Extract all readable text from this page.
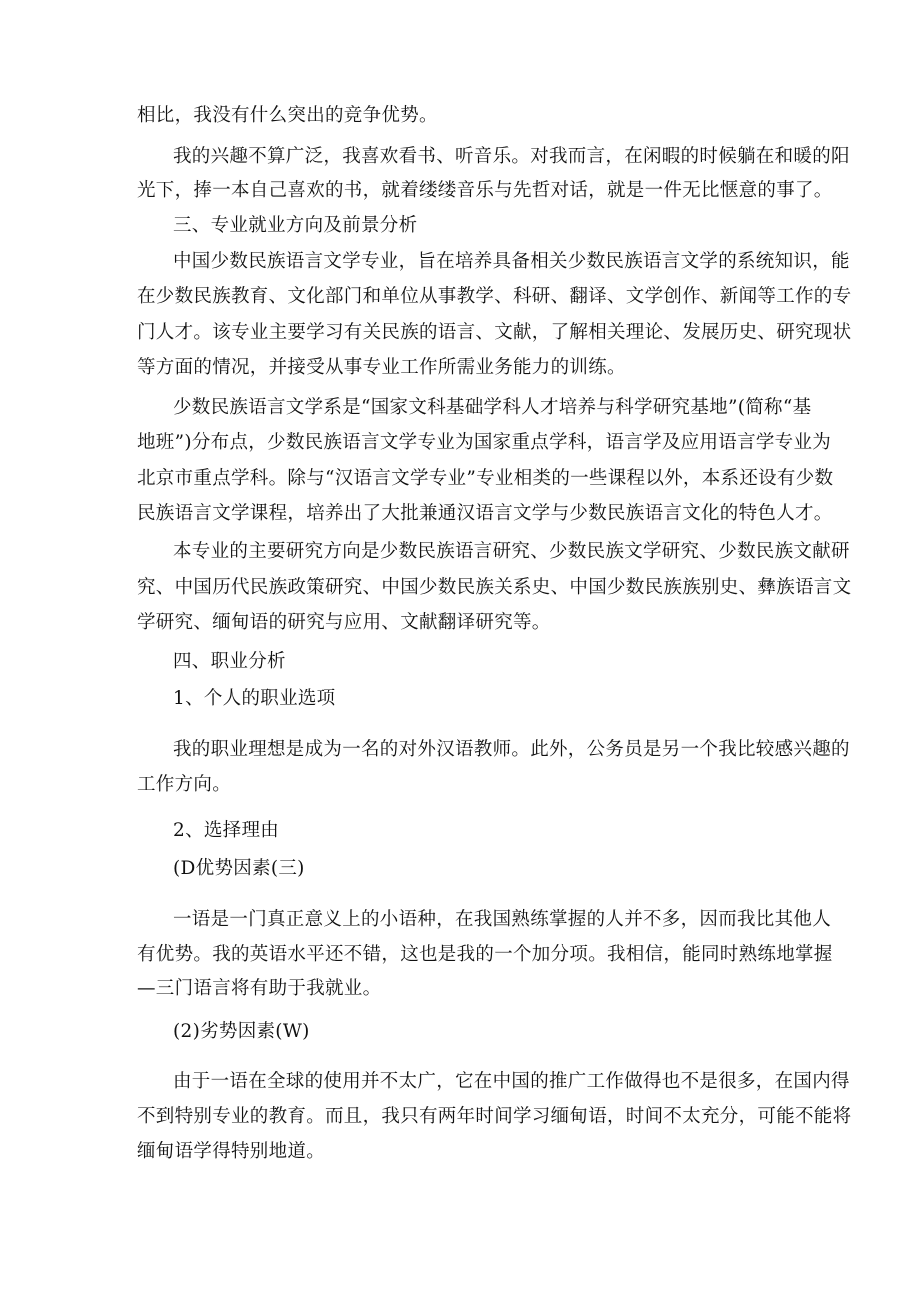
相比，我没有什么突出的竞争优势。
我的兴趣不算广泛，我喜欢看书、听音乐。对我而言，在闲暇的时候躺在和暖的阳
光下，捧一本自己喜欢的书，就着缕缕音乐与先哲对话，就是一件无比惬意的事了。
三、专业就业方向及前景分析
中国少数民族语言文学专业，旨在培养具备相关少数民族语言文学的系统知识，能
在少数民族教育、文化部门和单位从事教学、科研、翻译、文学创作、新闻等工作的专
门人才。该专业主要学习有关民族的语言、文献，了解相关理论、发展历史、研究现状
等方面的情况，并接受从事专业工作所需业务能力的训练。
少数民族语言文学系是“国家文科基础学科人才培养与科学研究基地”(简称“基
地班”)分布点，少数民族语言文学专业为国家重点学科，语言学及应用语言学专业为
北京市重点学科。除与“汉语言文学专业”专业相类的一些课程以外，本系还设有少数
民族语言文学课程，培养出了大批兼通汉语言文学与少数民族语言文化的特色人才。
本专业的主要研究方向是少数民族语言研究、少数民族文学研究、少数民族文献研
究、中国历代民族政策研究、中国少数民族关系史、中国少数民族族别史、彝族语言文
学研究、缅甸语的研究与应用、文献翻译研究等。
四、职业分析
1、个人的职业选项
我的职业理想是成为一名的对外汉语教师。此外，公务员是另一个我比较感兴趣的
工作方向。
2、选择理由
(D优势因素(三)
一语是一门真正意义上的小语种，在我国熟练掌握的人并不多，因而我比其他人
有优势。我的英语水平还不错，这也是我的一个加分项。我相信，能同时熟练地掌握
—三门语言将有助于我就业。
(2)劣势因素(W)
由于一语在全球的使用并不太广，它在中国的推广工作做得也不是很多，在国内得
不到特别专业的教育。而且，我只有两年时间学习缅甸语，时间不太充分，可能不能将
缅甸语学得特别地道。
